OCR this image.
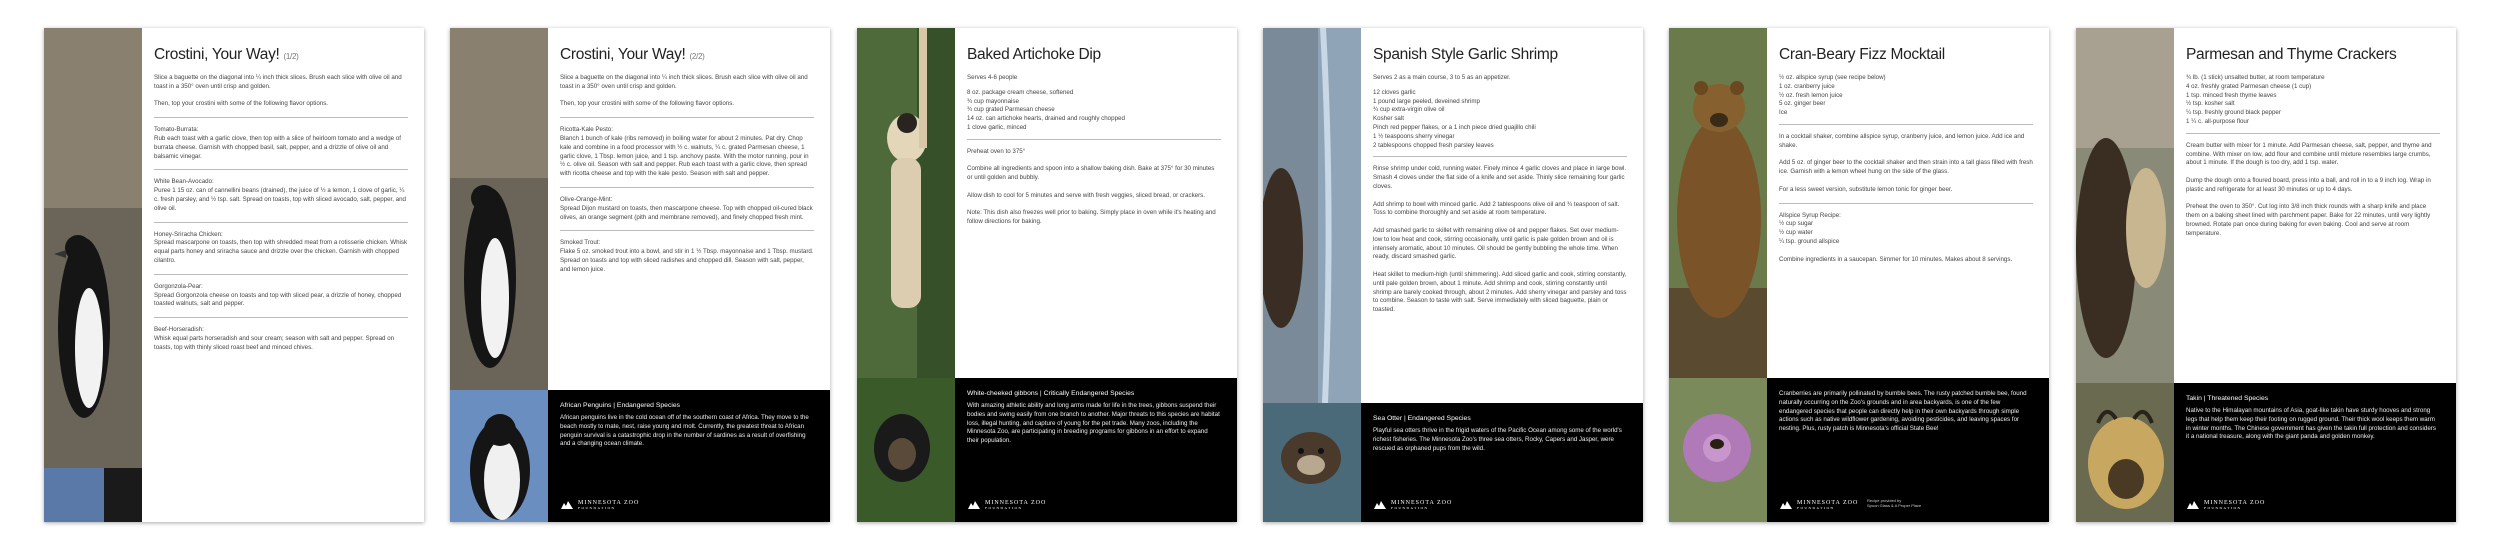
Crostini, Your Way! (1/2)

Slice a baguette on the diagonal into ¼ inch thick slices. Brush each slice with olive oil and toast in a 350° oven until crisp and golden.

Then, top your crostini with some of the following flavor options.

Tomato-Burrata:
Rub each toast with a garlic clove, then top with a slice of heirloom tomato and a wedge of burrata cheese. Garnish with chopped basil, salt, pepper, and a drizzle of olive oil and balsamic vinegar.
White Bean-Avocado:
Puree 1 15 oz. can of cannellini beans (drained), the juice of ½ a lemon, 1 clove of garlic, ¼ c. fresh parsley, and ½ tsp. salt. Spread on toasts, top with sliced avocado, salt, pepper, and olive oil.
Honey-Sriracha Chicken:
Spread mascarpone on toasts, then top with shredded meat from a rotisserie chicken. Whisk equal parts honey and sriracha sauce and drizzle over the chicken. Garnish with chopped cilantro.
Gorgonzola-Pear:
Spread Gorgonzola cheese on toasts and top with sliced pear, a drizzle of honey, chopped toasted walnuts, salt and pepper.
Beef-Horseradish:
Whisk equal parts horseradish and sour cream; season with salt and pepper. Spread on toasts, top with thinly sliced roast beef and minced chives.
Crostini, Your Way! (2/2)

Slice a baguette on the diagonal into ¼ inch thick slices. Brush each slice with olive oil and toast in a 350° oven until crisp and golden.

Then, top your crostini with some of the following flavor options.

Ricotta-Kale Pesto:
Blanch 1 bunch of kale (ribs removed) in boiling water for about 2 minutes. Pat dry. Chop kale and combine in a food processor with ½ c. walnuts, ¼ c. grated Parmesan cheese, 1 garlic clove, 1 Tbsp. lemon juice, and 1 tsp. anchovy paste. With the motor running, pour in ½ c. olive oil. Season with salt and pepper. Rub each toast with a garlic clove, then spread with ricotta cheese and top with the kale pesto. Season with salt and pepper.
Olive-Orange-Mint:
Spread Dijon mustard on toasts, then mascarpone cheese. Top with chopped oil-cured black olives, an orange segment (pith and membrane removed), and finely chopped fresh mint.
Smoked Trout:
Flake 5 oz. smoked trout into a bowl, and stir in 1 ½ Tbsp. mayonnaise and 1 Tbsp. mustard. Spread on toasts and top with sliced radishes and chopped dill. Season with salt, pepper, and lemon juice.
African Penguins | Endangered Species
African penguins live in the cold ocean off of the southern coast of Africa. They move to the beach mostly to mate, nest, raise young and molt. Currently, the greatest threat to African penguin survival is a catastrophic drop in the number of sardines as a result of overfishing and a changing ocean climate.
MINNESOTA ZOO
FOUNDATION
Baked Artichoke Dip

Serves 4-6 people

8 oz. package cream cheese, softened
¾ cup mayonnaise
¾ cup grated Parmesan cheese
14 oz. can artichoke hearts, drained and roughly chopped
1 clove garlic, minced

Preheat oven to 375°

Combine all ingredients and spoon into a shallow baking dish. Bake at 375° for 30 minutes or until golden and bubbly.

Allow dish to cool for 5 minutes and serve with fresh veggies, sliced bread, or crackers.

Note: This dish also freezes well prior to baking. Simply place in oven while it's heating and follow directions for baking.
White-cheeked gibbons | Critically Endangered Species
With amazing athletic ability and long arms made for life in the trees, gibbons suspend their bodies and swing easily from one branch to another. Major threats to this species are habitat loss, illegal hunting, and capture of young for the pet trade. Many zoos, including the Minnesota Zoo, are participating in breeding programs for gibbons in an effort to expand their population.
MINNESOTA ZOO
FOUNDATION
Spanish Style Garlic Shrimp

Serves 2 as a main course, 3 to 5 as an appetizer.

12 cloves garlic
1 pound large peeled, deveined shrimp
¾ cup extra-virgin olive oil
Kosher salt
Pinch red pepper flakes, or a 1 inch piece dried guajillo chili
1 ½ teaspoons sherry vinegar
2 tablespoons chopped fresh parsley leaves

Rinse shrimp under cold, running water. Finely mince 4 garlic cloves and place in large bowl. Smash 4 cloves under the flat side of a knife and set aside. Thinly slice remaining four garlic cloves.

Add shrimp to bowl with minced garlic. Add 2 tablespoons olive oil and ¾ teaspoon of salt. Toss to combine thoroughly and set aside at room temperature.

Add smashed garlic to skillet with remaining olive oil and pepper flakes. Set over medium-low to low heat and cook, stirring occasionally, until garlic is pale golden brown and oil is intensely aromatic, about 10 minutes. Oil should be gently bubbling the whole time. When ready, discard smashed garlic.

Heat skillet to medium-high (until shimmering). Add sliced garlic and cook, stirring constantly, until pale golden brown, about 1 minute. Add shrimp and cook, stirring constantly until shrimp are barely cooked through, about 2 minutes. Add sherry vinegar and parsley and toss to combine. Season to taste with salt. Serve immediately with sliced baguette, plain or toasted.
Sea Otter | Endangered Species
Playful sea otters thrive in the frigid waters of the Pacific Ocean among some of the world's richest fisheries. The Minnesota Zoo's three sea otters, Rocky, Capers and Jasper, were rescued as orphaned pups from the wild.
MINNESOTA ZOO
FOUNDATION
Cran-Beary Fizz Mocktail

½ oz. allspice syrup (see recipe below)
1 oz. cranberry juice
½ oz. fresh lemon juice
5 oz. ginger beer
Ice

In a cocktail shaker, combine allspice syrup, cranberry juice, and lemon juice. Add ice and shake.

Add 5 oz. of ginger beer to the cocktail shaker and then strain into a tall glass filled with fresh ice. Garnish with a lemon wheel hung on the side of the glass.

For a less sweet version, substitute lemon tonic for ginger beer.
Allspice Syrup Recipe:
½ cup sugar
½ cup water
¼ tsp. ground allspice

Combine ingredients in a saucepan. Simmer for 10 minutes. Makes about 8 servings.
Cranberries are primarily pollinated by bumble bees. The rusty patched bumble bee, found naturally occurring on the Zoo's grounds and in area backyards, is one of the few endangered species that people can directly help in their own backyards through simple actions such as native wildflower gardening, avoiding pesticides, and leaving spaces for nesting. Plus, rusty patch is Minnesota's official State Bee!
MINNESOTA ZOO
FOUNDATION
Recipe provided by
Spoon Glass & A Proper Place
Parmesan and Thyme Crackers

¾ lb. (1 stick) unsalted butter, at room temperature
4 oz. freshly grated Parmesan cheese (1 cup)
1 tsp. minced fresh thyme leaves
½ tsp. kosher salt
¼ tsp. freshly ground black pepper
1 ¼ c. all-purpose flour

Cream butter with mixer for 1 minute. Add Parmesan cheese, salt, pepper, and thyme and combine. With mixer on low, add flour and combine until mixture resembles large crumbs, about 1 minute. If the dough is too dry, add 1 tsp. water.

Dump the dough onto a floured board, press into a ball, and roll in to a 9 inch log. Wrap in plastic and refrigerate for at least 30 minutes or up to 4 days.

Preheat the oven to 350°. Cut log into 3/8 inch thick rounds with a sharp knife and place them on a baking sheet lined with parchment paper. Bake for 22 minutes, until very lightly browned. Rotate pan once during baking for even baking. Cool and serve at room temperature.
Takin | Threatened Species
Native to the Himalayan mountains of Asia, goat-like takin have sturdy hooves and strong legs that help them keep their footing on rugged ground. Their thick wool keeps them warm in winter months. The Chinese government has given the takin full protection and considers it a national treasure, along with the giant panda and golden monkey.
MINNESOTA ZOO
FOUNDATION
